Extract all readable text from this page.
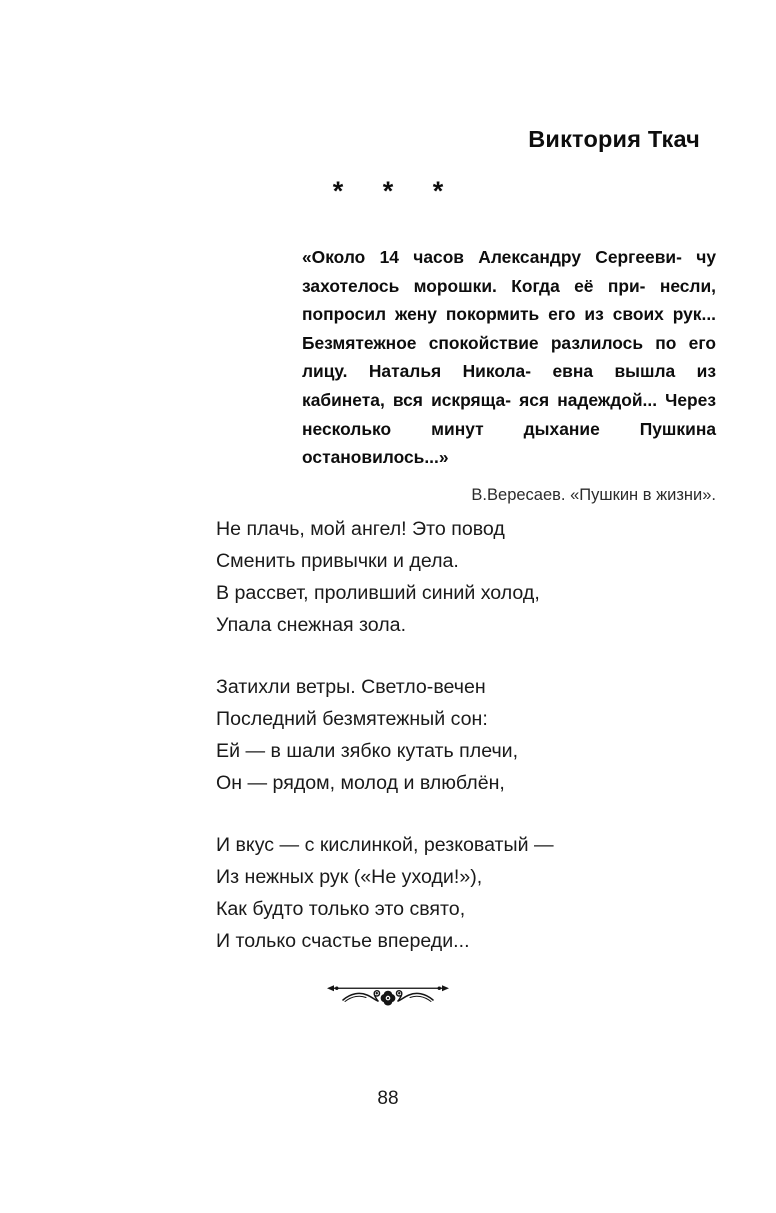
Виктория Ткач
* * *
«Около 14 часов Александру Сергееви- чу захотелось морошки. Когда её при- несли, попросил жену покормить его из своих рук... Безмятежное спокойствие разлилось по его лицу. Наталья Никола- евна вышла из кабинета, вся искряща- яся надеждой... Через несколько минут дыхание Пушкина остановилось...»
В.Вересаев. «Пушкин в жизни».
Не плачь, мой ангел! Это повод
Сменить привычки и дела.
В рассвет, проливший синий холод,
Упала снежная зола.
Затихли ветры. Светло-вечен
Последний безмятежный сон:
Ей — в шали зябко кутать плечи,
Он — рядом, молод и влюблён,
И вкус — с кислинкой, резковатый —
Из нежных рук («Не уходи!»),
Как будто только это свято,
И только счастье впереди...
88
